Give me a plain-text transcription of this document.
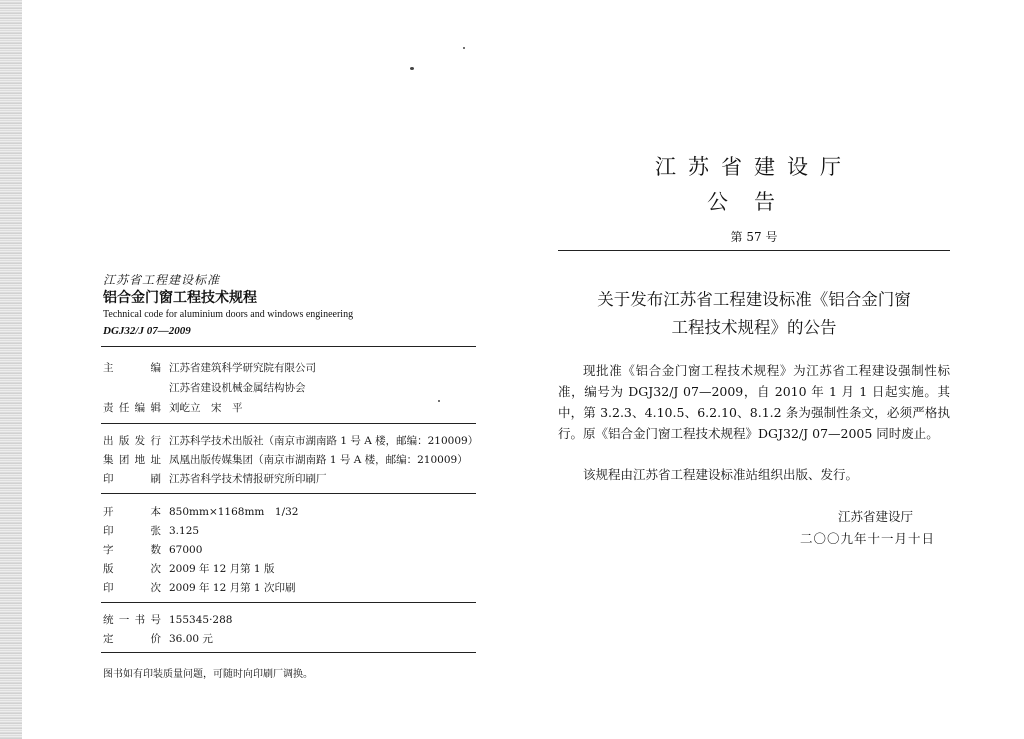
江苏省工程建设标准
铝合金门窗工程技术规程
Technical code for aluminium doors and windows engineering
DGJ32/J 07—2009
主 编 江苏省建筑科学研究院有限公司
江苏省建设机械金属结构协会
责任编辑 刘屹立　宋　平
出版发行 江苏科学技术出版社（南京市湖南路 1 号 A 楼，邮编：210009）
集团地址 凤凰出版传媒集团（南京市湖南路 1 号 A 楼，邮编：210009）
印 刷 江苏省科学技术情报研究所印刷厂
开 本 850mm×1168mm　1/32
印 张 3.125
字 数 67000
版 次 2009 年 12 月第 1 版
印 次 2009 年 12 月第 1 次印刷
统一书号 155345·288
定 价 36.00 元
图书如有印装质量问题，可随时向印刷厂调换。
江苏省建设厅
公告
第 57 号
关于发布江苏省工程建设标准《铝合金门窗
工程技术规程》的公告
现批准《铝合金门窗工程技术规程》为江苏省工程建设强制性标准，编号为 DGJ32/J 07—2009，自 2010 年 1 月 1 日起实施。其中，第 3.2.3、4.10.5、6.2.10、8.1.2 条为强制性条文，必须严格执行。原《铝合金门窗工程技术规程》DGJ32/J 07—2005 同时废止。
该规程由江苏省工程建设标准站组织出版、发行。
江苏省建设厅
二〇〇九年十一月十日
